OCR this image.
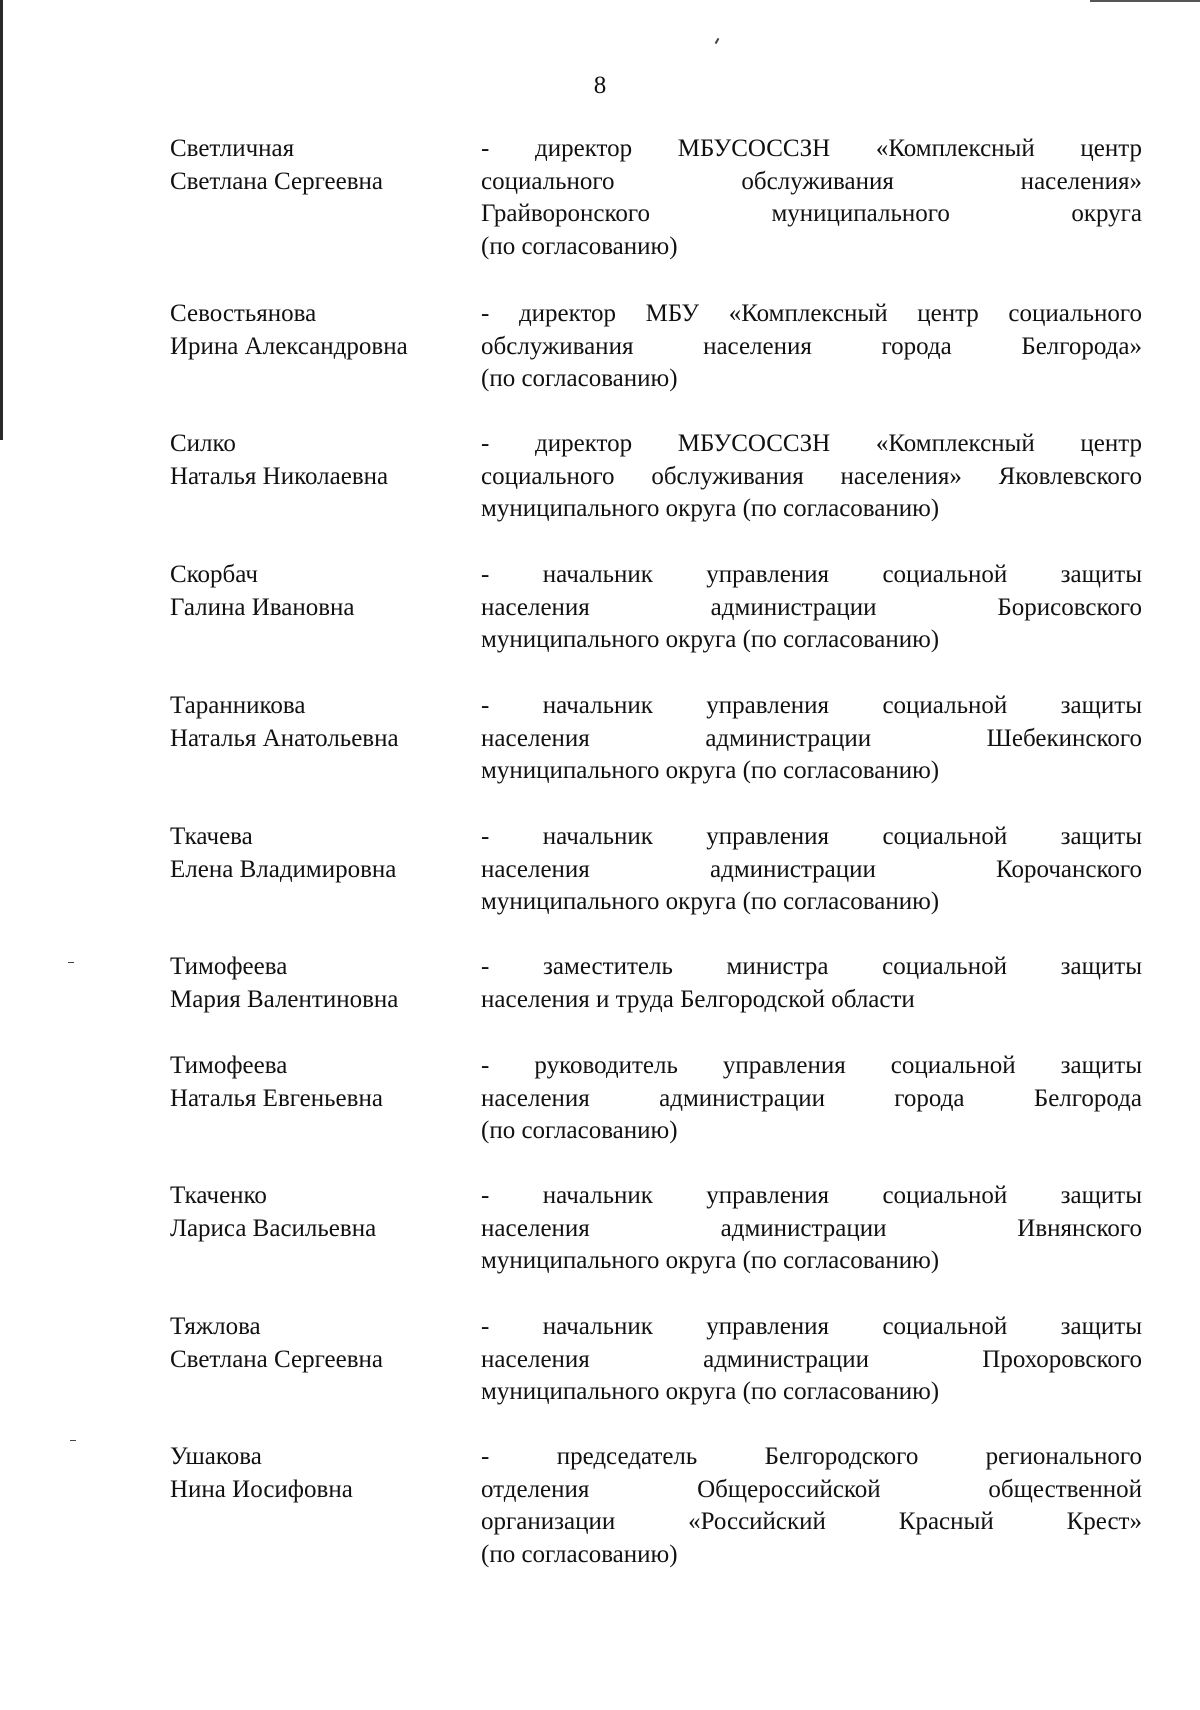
8
Светличная
Светлана Сергеевна
- директор МБУСОССЗН «Комплексный центр
социального обслуживания населения»
Грайворонского муниципального округа
(по согласованию)
Севостьянова
Ирина Александровна
- директор МБУ «Комплексный центр социального
обслуживания населения города Белгорода»
(по согласованию)
Силко
Наталья Николаевна
- директор МБУСОССЗН «Комплексный центр
социального обслуживания населения» Яковлевского
муниципального округа (по согласованию)
Скорбач
Галина Ивановна
- начальник управления социальной защиты
населения администрации Борисовского
муниципального округа (по согласованию)
Таранникова
Наталья Анатольевна
- начальник управления социальной защиты
населения администрации Шебекинского
муниципального округа (по согласованию)
Ткачева
Елена Владимировна
- начальник управления социальной защиты
населения администрации Корочанского
муниципального округа (по согласованию)
Тимофеева
Мария Валентиновна
- заместитель министра социальной защиты
населения и труда Белгородской области
Тимофеева
Наталья Евгеньевна
- руководитель управления социальной защиты
населения администрации города Белгорода
(по согласованию)
Ткаченко
Лариса Васильевна
- начальник управления социальной защиты
населения администрации Ивнянского
муниципального округа (по согласованию)
Тяжлова
Светлана Сергеевна
- начальник управления социальной защиты
населения администрации Прохоровского
муниципального округа (по согласованию)
Ушакова
Нина Иосифовна
- председатель Белгородского регионального
отделения Общероссийской общественной
организации «Российский Красный Крест»
(по согласованию)
